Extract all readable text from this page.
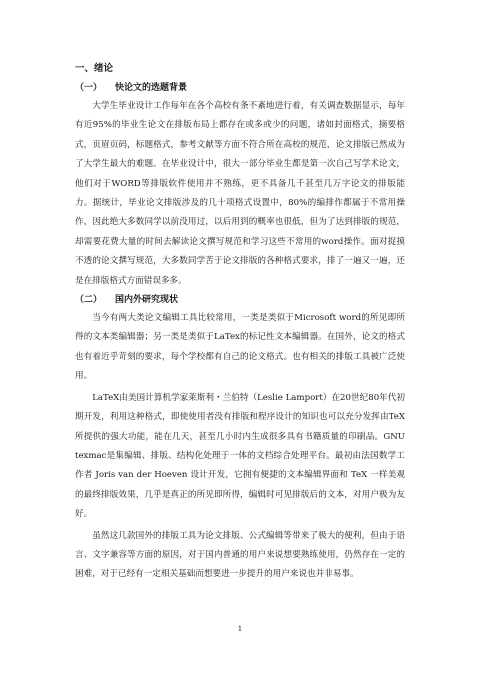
一、绪论
（一） 快论文的选题背景

大学生毕业设计工作每年在各个高校有条不紊地进行着，有关调查数据显示，每年有近95%的毕业生论文在排版布局上都存在或多或少的问题，诸如封面格式，摘要格式，页眉页码，标题格式，参考文献等方面不符合所在高校的规范，论文排版已然成为了大学生最大的难题。在毕业设计中，很大一部分毕业生都是第一次自己写学术论文，他们对于WORD等排版软件使用并不熟练，更不具备几千甚至几万字论文的排版能力。据统计，毕业论文排版涉及的几十项格式设置中，80%的编排作都属于不常用操作，因此绝大多数同学以前没用过，以后用到的概率也很低，但为了达到排版的规范，却需要花费大量的时间去解读论文撰写规范和学习这些不常用的word操作。面对捉摸不透的论文撰写规范，大多数同学苦于论文排版的各种格式要求，排了一遍又一遍，还是在排版格式方面错误多多。

（二） 国内外研究现状

当今有两大类论文编辑工具比较常用，一类是类似于Microsoft word的所见即所得的文本类编辑器；另一类是类似于LaTex的标记性文本编辑器。在国外，论文的格式也有着近乎苛刻的要求，每个学校都有自己的论文格式。也有相关的排版工具被广泛使用。

LaTeX由美国计算机学家莱斯利・兰伯特（Leslie Lamport）在20世纪80年代初期开发，利用这种格式，即使使用者没有排版和程序设计的知识也可以充分发挥由TeX所提供的强大功能，能在几天，甚至几小时内生成很多具有书籍质量的印刷品。GNU texmac是集编辑、排版、结构化处理于一体的文档综合处理平台。最初由法国数学工作者 Joris van der Hoeven 设计开发，它拥有便捷的文本编辑界面和 TeX 一样美观的最终排版效果，几乎是真正的所见即所得，编辑时可见排版后的文本，对用户极为友好。

虽然这几款国外的排版工具为论文排版、公式编辑等带来了极大的便利，但由于语言、文字兼容等方面的原因，对于国内普通的用户来说想要熟练使用，仍然存在一定的困难，对于已经有一定相关基础而想要进一步提升的用户来说也并非易事。

1
